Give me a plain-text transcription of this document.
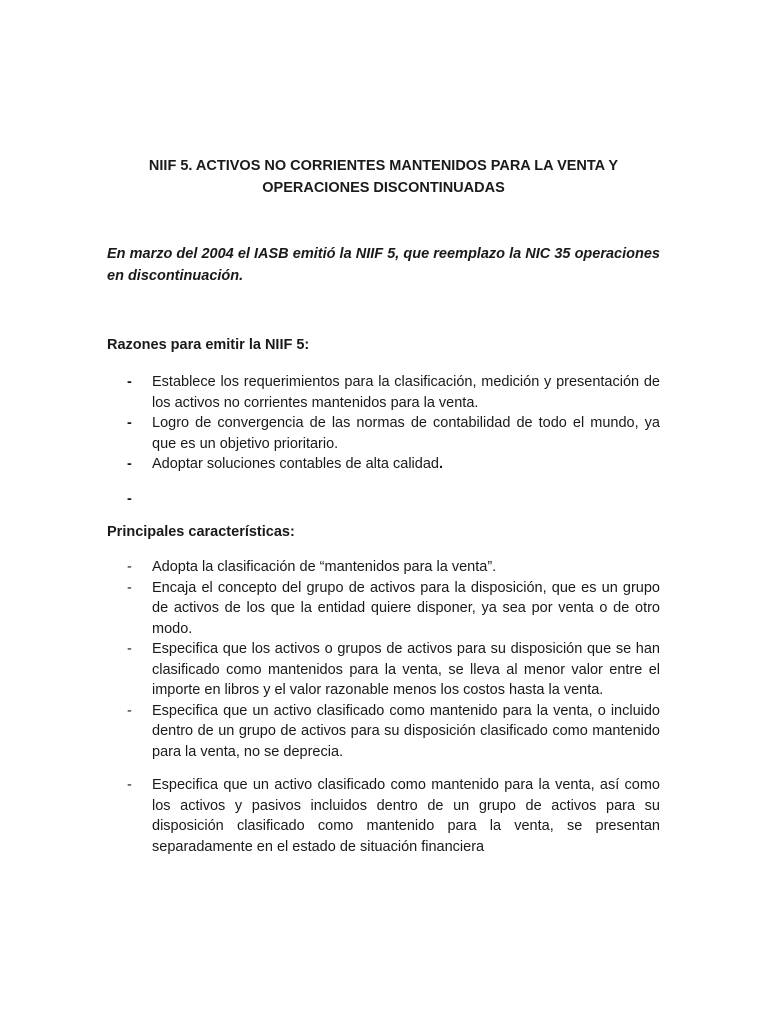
NIIF 5. ACTIVOS NO CORRIENTES MANTENIDOS PARA LA VENTA Y
OPERACIONES DISCONTINUADAS

En marzo del 2004 el IASB emitió la NIIF 5, que reemplazo la NIC 35 operaciones en discontinuación.

Razones para emitir la NIIF 5:
- Establece los requerimientos para la clasificación, medición y presentación de los activos no corrientes mantenidos para la venta.
- Logro de convergencia de las normas de contabilidad de todo el mundo, ya que es un objetivo prioritario.
- Adoptar soluciones contables de alta calidad.
-
Principales características:
- Adopta la clasificación de “mantenidos para la venta”.
- Encaja el concepto del grupo de activos para la disposición, que es un grupo de activos de los que la entidad quiere disponer, ya sea por venta o de otro modo.
- Especifica que los activos o grupos de activos para su disposición que se han clasificado como mantenidos para la venta, se lleva al menor valor entre el importe en libros y el valor razonable menos los costos hasta la venta.
- Especifica que un activo clasificado como mantenido para la venta, o incluido dentro de un grupo de activos para su disposición clasificado como mantenido para la venta, no se deprecia.
- Especifica que un activo clasificado como mantenido para la venta, así como los activos y pasivos incluidos dentro de un grupo de activos para su disposición clasificado como mantenido para la venta, se presentan separadamente en el estado de situación financiera
